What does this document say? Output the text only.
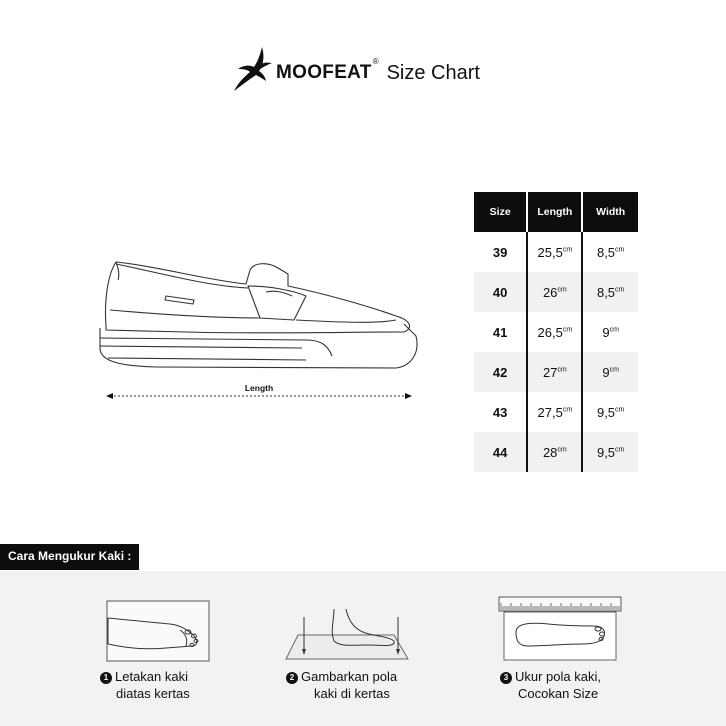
MOOFEAT
®
Size Chart
Length
Size	Length	Width
39	$25,5^{cm}$	$8,5^{cm}$
40	$26^{cm}$	$8,5^{cm}$
41	$26,5^{cm}$	$9^{cm}$
42	$27^{cm}$	$9^{cm}$
43	$27,5^{cm}$	$9,5^{cm}$
44	$28^{cm}$	$9,5^{cm}$
Cara Mengukur Kaki :
1 Letakan kaki
diatas kertas
2 Gambarkan pola
kaki di kertas
3 Ukur pola kaki,
Cocokan Size
